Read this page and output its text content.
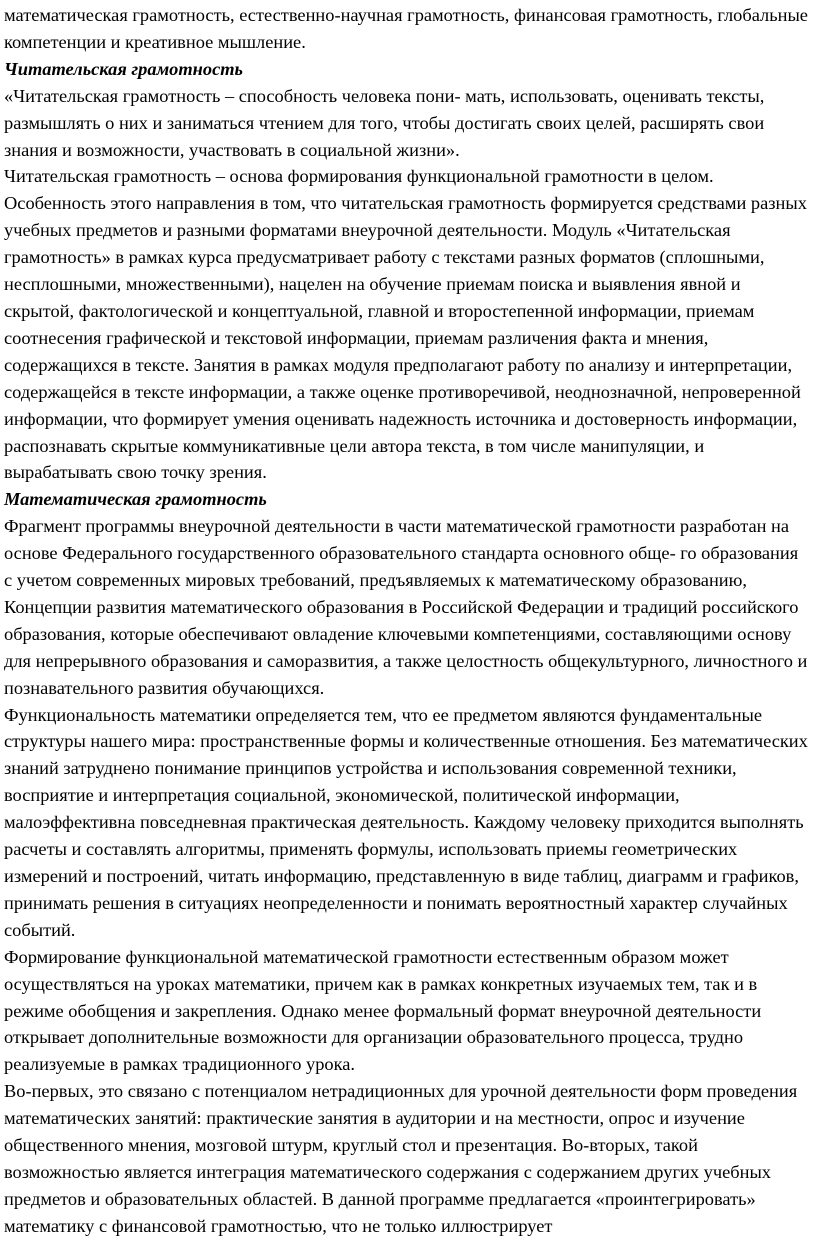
математическая грамотность, естественно-научная грамотность, финансовая грамотность, глобальные компетенции и креативное мышление.

Читательская грамотность

«Читательская грамотность – способность человека пони- мать, использовать, оценивать тексты, размышлять о них и заниматься чтением для того, чтобы достигать своих целей, расширять свои знания и возможности, участвовать в социальной жизни».

Читательская грамотность – основа формирования функциональной грамотности в целом. Особенность этого направления в том, что читательская грамотность формируется средствами разных учебных предметов и разными форматами внеурочной деятельности. Модуль «Читательская грамотность» в рамках курса предусматривает работу с текстами разных форматов (сплошными, несплошными, множественными), нацелен на обучение приемам поиска и выявления явной и скрытой, фактологической и концептуальной, главной и второстепенной информации, приемам соотнесения графической и текстовой информации, приемам различения факта и мнения, содержащихся в тексте. Занятия в рамках модуля предполагают работу по анализу и интерпретации, содержащейся в тексте информации, а также оценке противоречивой, неоднозначной, непроверенной информации, что формирует умения оценивать надежность источника и достоверность информации, распознавать скрытые коммуникативные цели автора текста, в том числе манипуляции, и вырабатывать свою точку зрения.

Математическая грамотность

Фрагмент программы внеурочной деятельности в части математической грамотности разработан на основе Федерального государственного образовательного стандарта основного обще- го образования с учетом современных мировых требований, предъявляемых к математическому образованию, Концепции развития математического образования в Российской Федерации и традиций российского образования, которые обеспечивают овладение ключевыми компетенциями, составляющими основу для непрерывного образования и саморазвития, а также целостность общекультурного, личностного и познавательного развития обучающихся.

Функциональность математики определяется тем, что ее предметом являются фундаментальные структуры нашего мира: пространственные формы и количественные отношения. Без математических знаний затруднено понимание принципов устройства и использования современной техники, восприятие и интерпретация социальной, экономической, политической информации, малоэффективна повседневная практическая деятельность. Каждому человеку приходится выполнять расчеты и составлять алгоритмы, применять формулы, использовать приемы геометрических измерений и построений, читать информацию, представленную в виде таблиц, диаграмм и графиков, принимать решения в ситуациях неопределенности и понимать вероятностный характер случайных событий.

Формирование функциональной математической грамотности естественным образом может осуществляться на уроках математики, причем как в рамках конкретных изучаемых тем, так и в режиме обобщения и закрепления. Однако менее формальный формат внеурочной деятельности открывает дополнительные возможности для организации образовательного процесса, трудно реализуемые в рамках традиционного урока.

Во-первых, это связано с потенциалом нетрадиционных для урочной деятельности форм проведения математических занятий: практические занятия в аудитории и на местности, опрос и изучение общественного мнения, мозговой штурм, круглый стол и презентация. Во-вторых, такой возможностью является интеграция математического содержания с содержанием других учебных предметов и образовательных областей. В данной программе предлагается «проинтегрировать» математику с финансовой грамотностью, что не только иллюстрирует
